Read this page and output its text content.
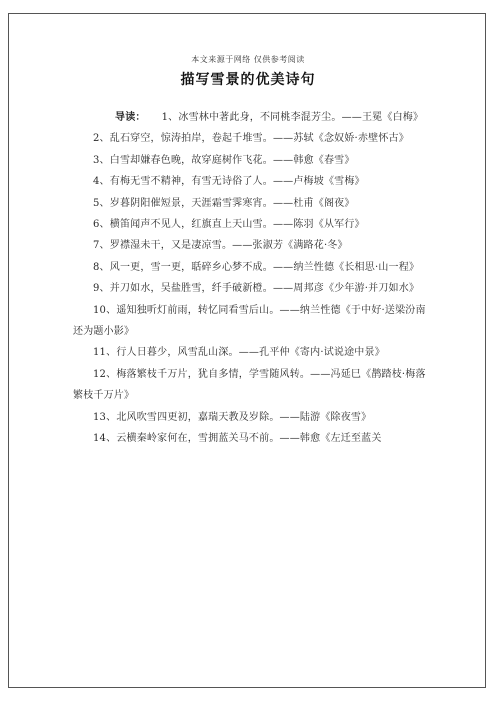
本文来源于网络 仅供参考阅读
描写雪景的优美诗句

导读： 1、冰雪林中著此身，不同桃李混芳尘。——王冕《白梅》

2、乱石穿空，惊涛拍岸，卷起千堆雪。——苏轼《念奴娇·赤壁怀古》

3、白雪却嫌春色晚，故穿庭树作飞花。——韩愈《春雪》

4、有梅无雪不精神，有雪无诗俗了人。——卢梅坡《雪梅》

5、岁暮阴阳催短景，天涯霜雪霁寒宵。——杜甫《阁夜》

6、横笛闻声不见人，红旗直上天山雪。——陈羽《从军行》

7、罗襟湿未干，又是凄凉雪。——张淑芳《满路花·冬》

8、风一更，雪一更，聒碎乡心梦不成。——纳兰性德《长相思·山一程》

9、并刀如水，吴盐胜雪，纤手破新橙。——周邦彦《少年游·并刀如水》

10、遥知独听灯前雨，转忆同看雪后山。——纳兰性德《于中好·送梁汾南还为题小影》

11、行人日暮少，风雪乱山深。——孔平仲《寄内·试说途中景》

12、梅落繁枝千万片，犹自多情，学雪随风转。——冯延巳《鹊踏枝·梅落繁枝千万片》

13、北风吹雪四更初，嘉瑞天教及岁除。——陆游《除夜雪》

14、云横秦岭家何在，雪拥蓝关马不前。——韩愈《左迁至蓝关
